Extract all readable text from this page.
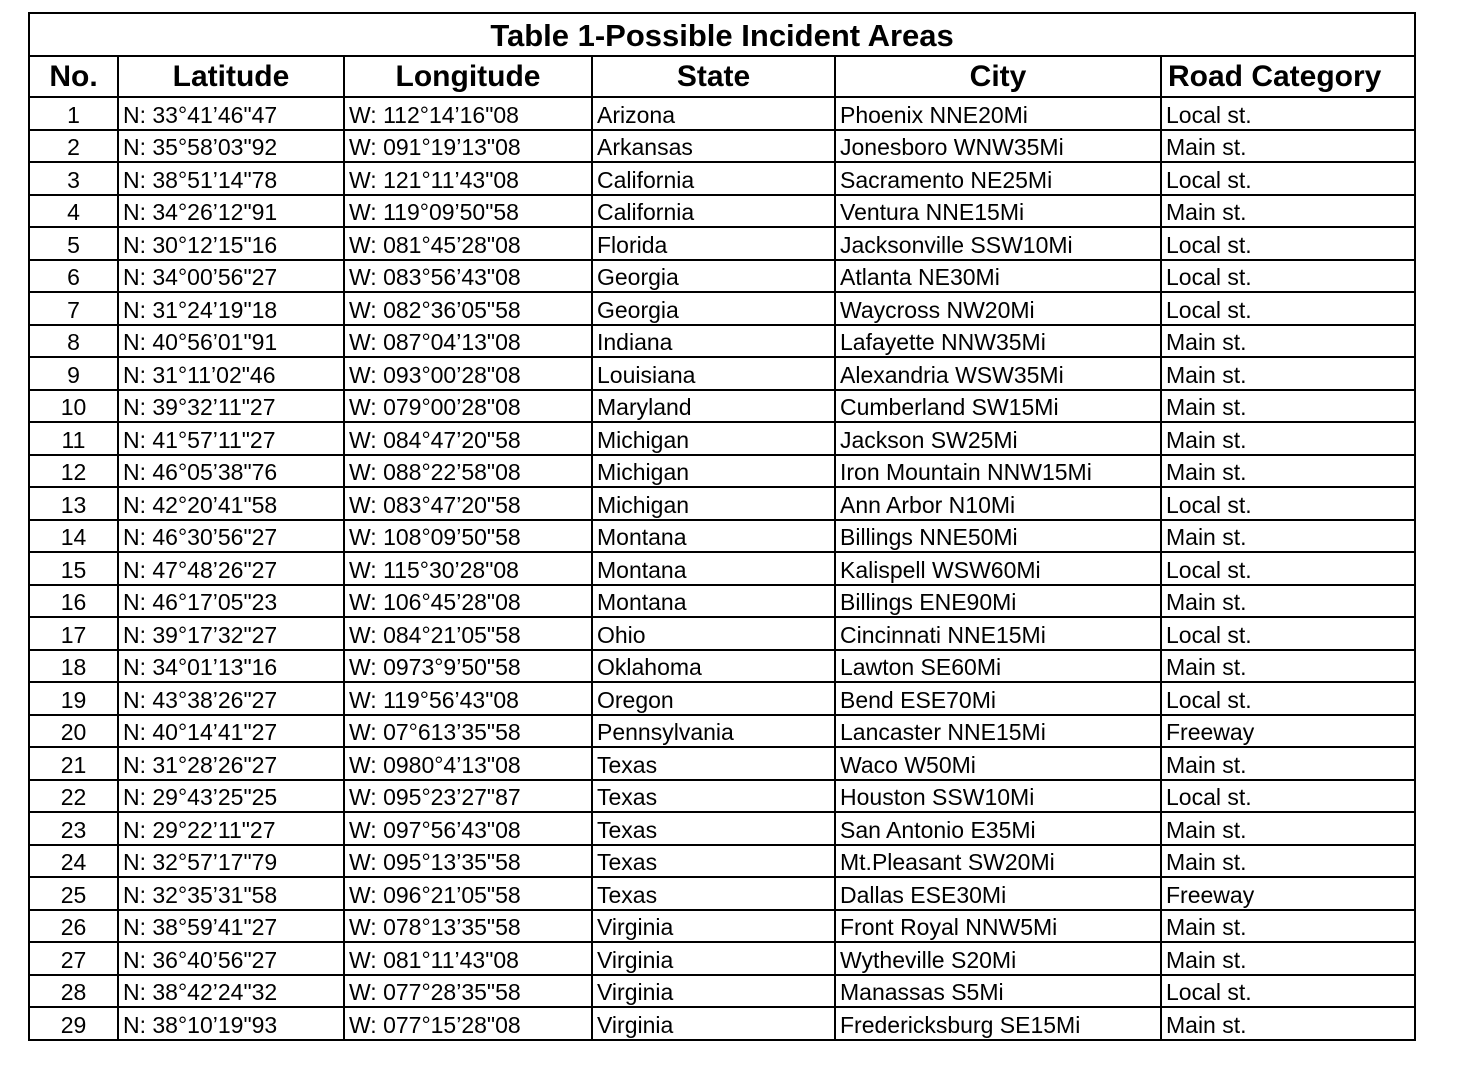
Table 1-Possible Incident Areas					
No.	Latitude	Longitude	State	City	Road Category
1	N: 33°41’46"47	W: 112°14’16"08	Arizona	Phoenix NNE20Mi	Local st.
2	N: 35°58’03"92	W: 091°19’13"08	Arkansas	Jonesboro WNW35Mi	Main st.
3	N: 38°51’14"78	W: 121°11’43"08	California	Sacramento NE25Mi	Local st.
4	N: 34°26’12"91	W: 119°09’50"58	California	Ventura NNE15Mi	Main st.
5	N: 30°12’15"16	W: 081°45’28"08	Florida	Jacksonville SSW10Mi	Local st.
6	N: 34°00’56"27	W: 083°56’43"08	Georgia	Atlanta NE30Mi	Local st.
7	N: 31°24’19"18	W: 082°36’05"58	Georgia	Waycross NW20Mi	Local st.
8	N: 40°56’01"91	W: 087°04’13"08	Indiana	Lafayette NNW35Mi	Main st.
9	N: 31°11’02"46	W: 093°00’28"08	Louisiana	Alexandria WSW35Mi	Main st.
10	N: 39°32’11"27	W: 079°00’28"08	Maryland	Cumberland SW15Mi	Main st.
11	N: 41°57’11"27	W: 084°47’20"58	Michigan	Jackson SW25Mi	Main st.
12	N: 46°05’38"76	W: 088°22’58"08	Michigan	Iron Mountain NNW15Mi	Main st.
13	N: 42°20’41"58	W: 083°47’20"58	Michigan	Ann Arbor N10Mi	Local st.
14	N: 46°30’56"27	W: 108°09’50"58	Montana	Billings NNE50Mi	Main st.
15	N: 47°48’26"27	W: 115°30’28"08	Montana	Kalispell WSW60Mi	Local st.
16	N: 46°17’05"23	W: 106°45’28"08	Montana	Billings ENE90Mi	Main st.
17	N: 39°17’32"27	W: 084°21’05"58	Ohio	Cincinnati NNE15Mi	Local st.
18	N: 34°01’13"16	W: 0973°9’50"58	Oklahoma	Lawton SE60Mi	Main st.
19	N: 43°38’26"27	W: 119°56’43"08	Oregon	Bend ESE70Mi	Local st.
20	N: 40°14’41"27	W: 07°613’35"58	Pennsylvania	Lancaster NNE15Mi	Freeway
21	N: 31°28’26"27	W: 0980°4’13"08	Texas	Waco W50Mi	Main st.
22	N: 29°43’25"25	W: 095°23’27"87	Texas	Houston SSW10Mi	Local st.
23	N: 29°22’11"27	W: 097°56’43"08	Texas	San Antonio E35Mi	Main st.
24	N: 32°57’17"79	W: 095°13’35"58	Texas	Mt.Pleasant SW20Mi	Main st.
25	N: 32°35’31"58	W: 096°21’05"58	Texas	Dallas ESE30Mi	Freeway
26	N: 38°59’41"27	W: 078°13’35"58	Virginia	Front Royal NNW5Mi	Main st.
27	N: 36°40’56"27	W: 081°11’43"08	Virginia	Wytheville S20Mi	Main st.
28	N: 38°42’24"32	W: 077°28’35"58	Virginia	Manassas S5Mi	Local st.
29	N: 38°10’19"93	W: 077°15’28"08	Virginia	Fredericksburg SE15Mi	Main st.
